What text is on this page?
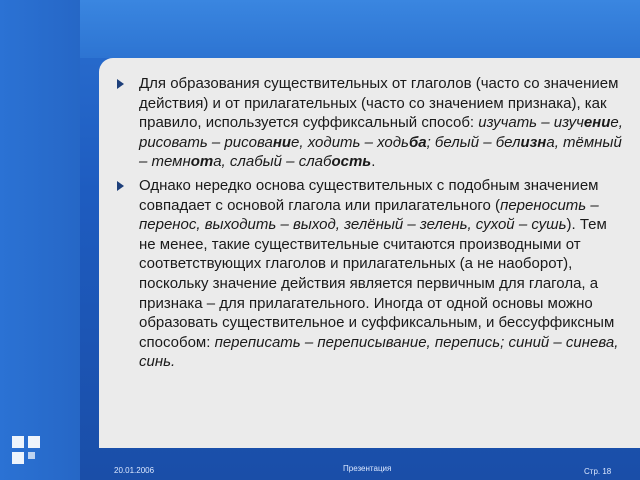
Для образования существительных от глаголов (часто со значением действия) и от прилагательных (часто со значением признака), как правило, используется суффиксальный способ: изучать – изучение, рисовать – рисование, ходить – ходьба; белый – белизна, тёмный – темнота, слабый – слабость.
Однако нередко основа существительных с подобным значением совпадает с основой глагола или прилагательного (переносить – перенос, выходить – выход, зелёный – зелень, сухой – сушь). Тем не менее, такие существительные считаются производными от соответствующих глаголов и прилагательных (а не наоборот), поскольку значение действия является первичным для глагола, а признака – для прилагательного. Иногда от одной основы можно образовать существительное и суффиксальным, и бессуффиксным способом: переписать – переписывание, перепись; синий – синева, синь.
20.01.2006	Презентация	Стр. 18
